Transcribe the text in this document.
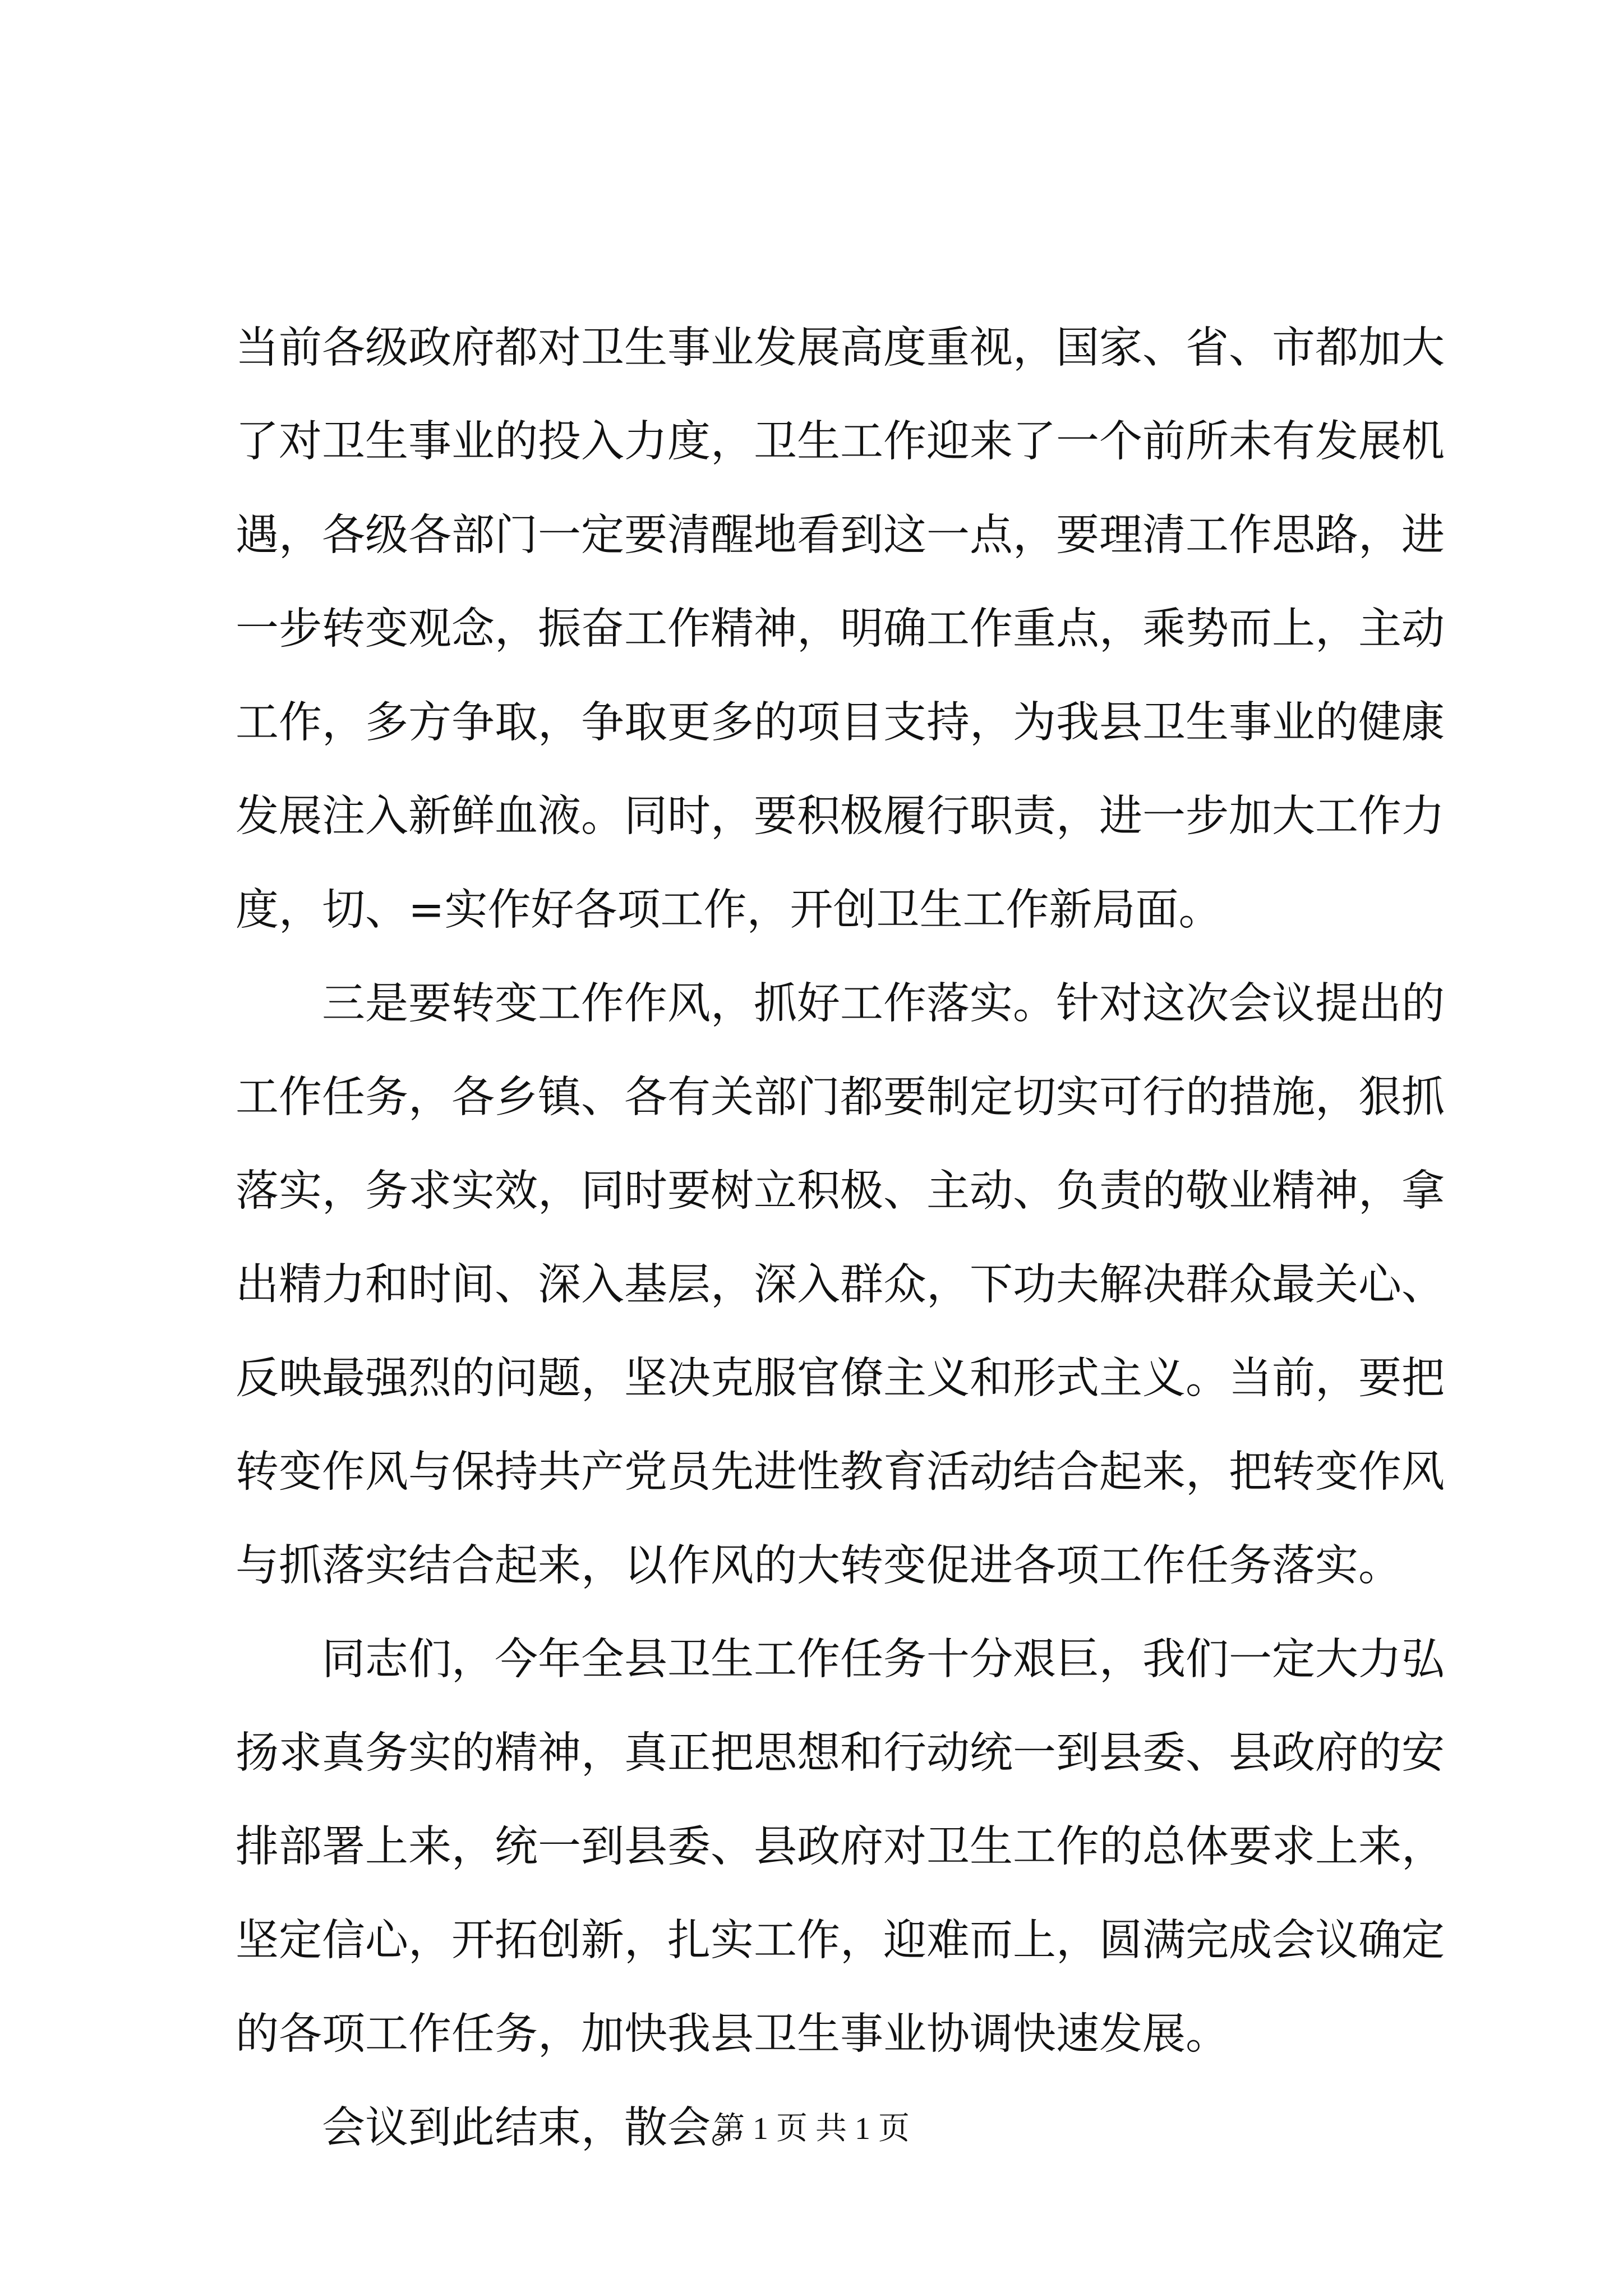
当前各级政府都对卫生事业发展高度重视，国家、省、市都加大
了对卫生事业的投入力度，卫生工作迎来了一个前所未有发展机
遇，各级各部门一定要清醒地看到这一点，要理清工作思路，进
一步转变观念，振奋工作精神，明确工作重点，乘势而上，主动
工作，多方争取，争取更多的项目支持，为我县卫生事业的健康
发展注入新鲜血液。同时，要积极履行职责，进一步加大工作力
度，切、=实作好各项工作，开创卫生工作新局面。

三是要转变工作作风，抓好工作落实。针对这次会议提出的
工作任务，各乡镇、各有关部门都要制定切实可行的措施，狠抓
落实，务求实效，同时要树立积极、主动、负责的敬业精神，拿
出精力和时间、深入基层，深入群众，下功夫解决群众最关心、
反映最强烈的问题，坚决克服官僚主义和形式主义。当前，要把
转变作风与保持共产党员先进性教育活动结合起来，把转变作风
与抓落实结合起来，以作风的大转变促进各项工作任务落实。

同志们，今年全县卫生工作任务十分艰巨，我们一定大力弘
扬求真务实的精神，真正把思想和行动统一到县委、县政府的安
排部署上来，统一到县委、县政府对卫生工作的总体要求上来，
坚定信心，开拓创新，扎实工作，迎难而上，圆满完成会议确定
的各项工作任务，加快我县卫生事业协调快速发展。

会议到此结束，散会。

第 1 页 共 1 页
